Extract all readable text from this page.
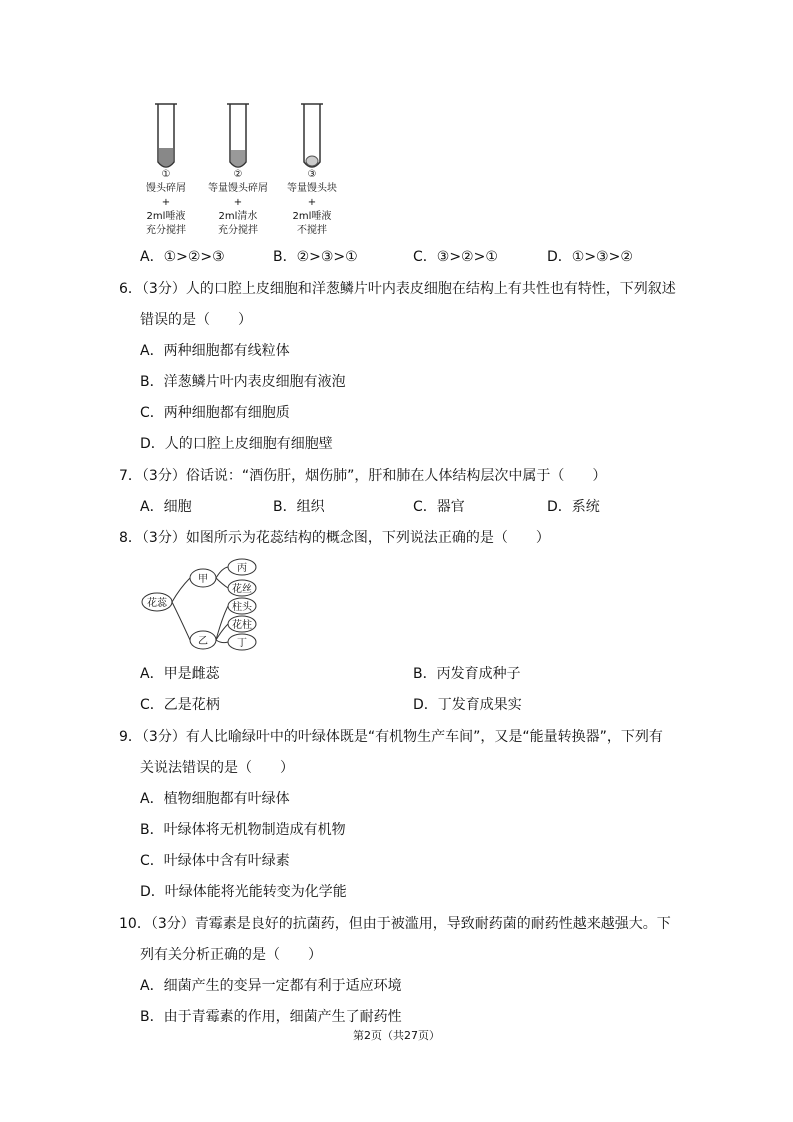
①
馒头碎屑
+
2ml唾液
充分搅拌
②
等量馒头碎屑
+
2ml清水
充分搅拌
③
等量馒头块
+
2ml唾液
不搅拌
A．①>②>③	B．②>③>①	C．③>②>①	D．①>③>②
6．（3分）人的口腔上皮细胞和洋葱鳞片叶内表皮细胞在结构上有共性也有特性，下列叙述
错误的是（　　）
A．两种细胞都有线粒体
B．洋葱鳞片叶内表皮细胞有液泡
C．两种细胞都有细胞质
D．人的口腔上皮细胞有细胞壁
7．（3分）俗话说：“酒伤肝，烟伤肺”，肝和肺在人体结构层次中属于（　　）
A．细胞	B．组织	C．器官	D．系统
8．（3分）如图所示为花蕊结构的概念图，下列说法正确的是（　　）
花蕊
甲
乙
丙
花丝
柱头
花柱
丁
A．甲是雌蕊	B．丙发育成种子
C．乙是花柄	D．丁发育成果实
9．（3分）有人比喻绿叶中的叶绿体既是“有机物生产车间”，又是“能量转换器”，下列有
关说法错误的是（　　）
A．植物细胞都有叶绿体
B．叶绿体将无机物制造成有机物
C．叶绿体中含有叶绿素
D．叶绿体能将光能转变为化学能
10．（3分）青霉素是良好的抗菌药，但由于被滥用，导致耐药菌的耐药性越来越强大。下
列有关分析正确的是（　　）
A．细菌产生的变异一定都有利于适应环境
B．由于青霉素的作用，细菌产生了耐药性
第2页（共27页）
